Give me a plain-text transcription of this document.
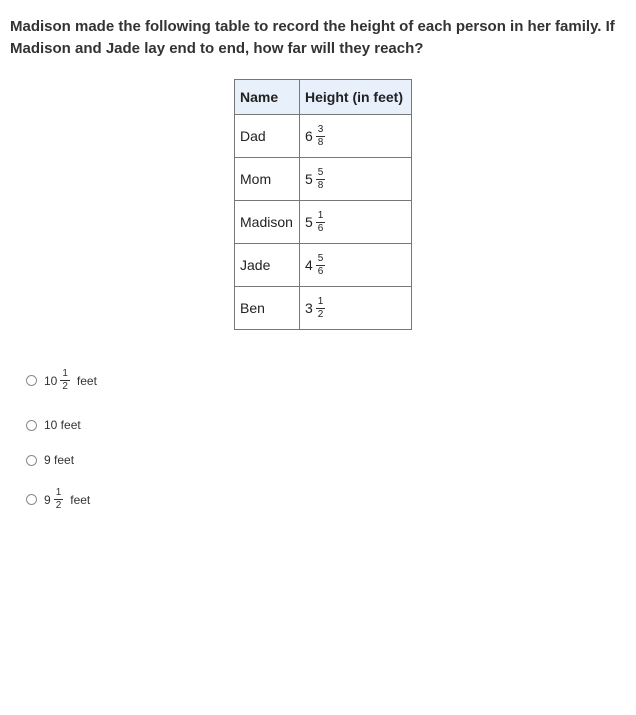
Madison made the following table to record the height of each person in her family. If Madison and Jade lay end to end, how far will they reach?
Name	Height (in feet)
Dad	$6 \frac{3}{8}$

Mom	$5 \frac{5}{8}$

Madison	$5 \frac{1}{6}$

Jade	$4 \frac{5}{6}$

Ben	$3 \frac{1}{2}$
$10 \frac{1}{2}$ feet
10 feet
9 feet
$9 \frac{1}{2}$ feet
